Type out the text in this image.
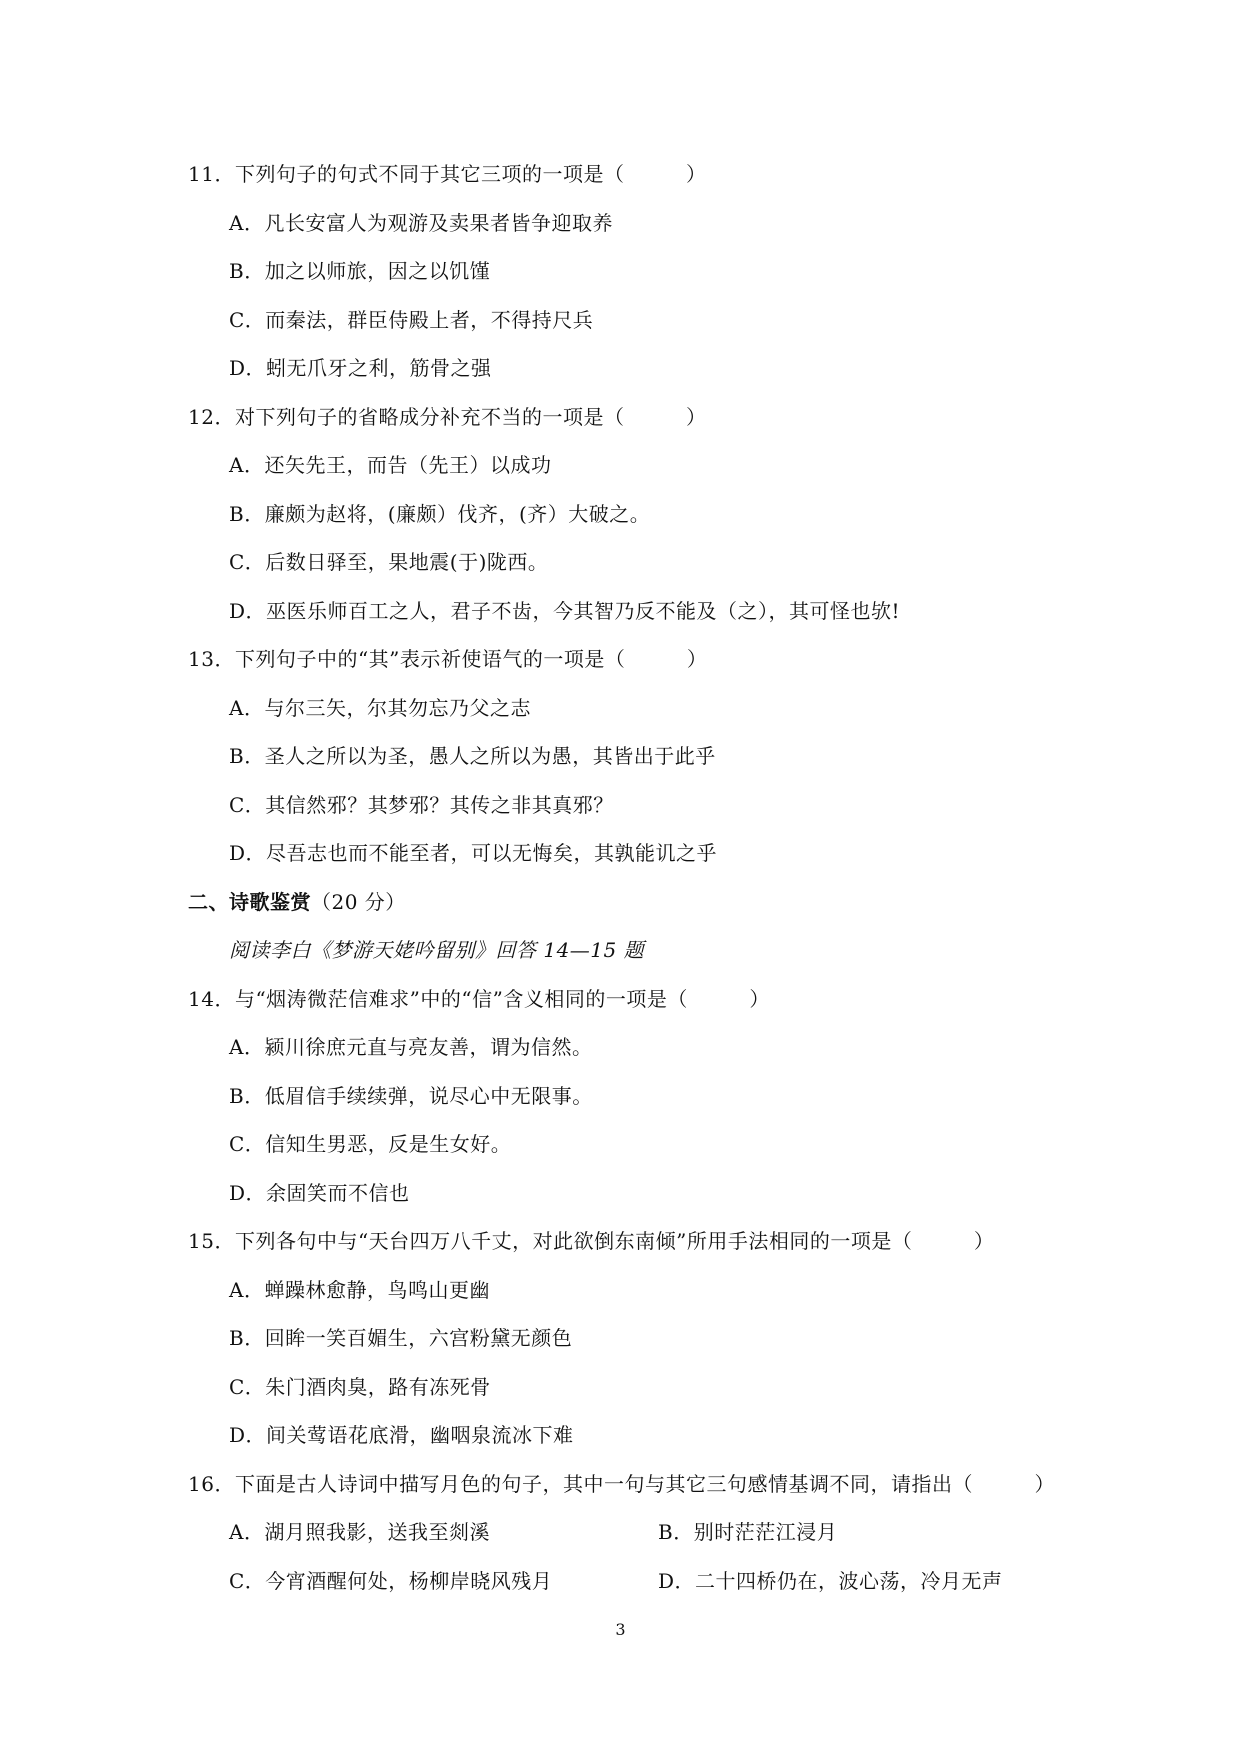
11．下列句子的句式不同于其它三项的一项是（　　　）
A．凡长安富人为观游及卖果者皆争迎取养
B．加之以师旅，因之以饥馑
C．而秦法，群臣侍殿上者，不得持尺兵
D．蚓无爪牙之利，筋骨之强
12．对下列句子的省略成分补充不当的一项是（　　　）
A．还矢先王，而告（先王）以成功
B．廉颇为赵将，(廉颇）伐齐，(齐）大破之。
C．后数日驿至，果地震(于)陇西。
D．巫医乐师百工之人，君子不齿，今其智乃反不能及（之），其可怪也欤!
13．下列句子中的“其”表示祈使语气的一项是（　　　）
A．与尔三矢，尔其勿忘乃父之志
B．圣人之所以为圣，愚人之所以为愚，其皆出于此乎
C．其信然邪？其梦邪？其传之非其真邪？
D．尽吾志也而不能至者，可以无悔矣，其孰能讥之乎
二、诗歌鉴赏（20 分）
阅读李白《梦游天姥吟留别》回答 14—15 题
14．与“烟涛微茫信难求”中的“信”含义相同的一项是（　　　）
A．颍川徐庶元直与亮友善，谓为信然。
B．低眉信手续续弹，说尽心中无限事。
C．信知生男恶，反是生女好。
D．余固笑而不信也
15．下列各句中与“天台四万八千丈，对此欲倒东南倾”所用手法相同的一项是（　　　）
A．蝉躁林愈静，鸟鸣山更幽
B．回眸一笑百媚生，六宫粉黛无颜色
C．朱门酒肉臭，路有冻死骨
D．间关莺语花底滑，幽咽泉流冰下难
16．下面是古人诗词中描写月色的句子，其中一句与其它三句感情基调不同，请指出（　　　）
A．湖月照我影，送我至剡溪	B．别时茫茫江浸月
C．今宵酒醒何处，杨柳岸晓风残月	D．二十四桥仍在，波心荡，冷月无声
3
